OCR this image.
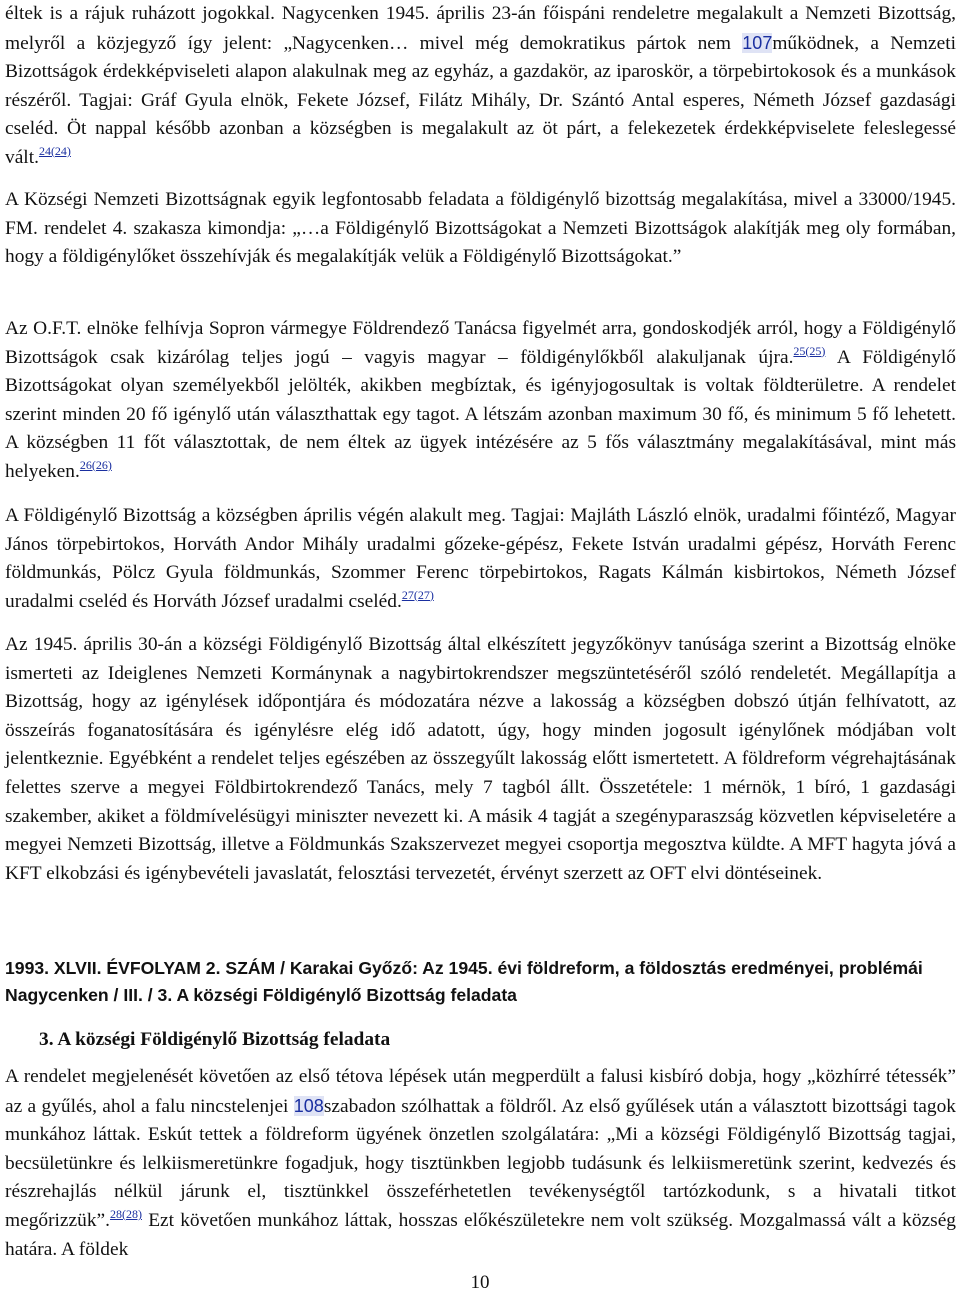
éltek is a rájuk ruházott jogokkal. Nagycenken 1945. április 23-án főispáni rendeletre megalakult a Nemzeti Bizottság, melyről a közjegyző így jelent: „Nagycenken… mivel még demokratikus pártok nem 107működnek, a Nemzeti Bizottságok érdekképviseleti alapon alakulnak meg az egyház, a gazdakör, az iparoskör, a törpebirtokosok és a munkások részéről. Tagjai: Gráf Gyula elnök, Fekete József, Filátz Mihály, Dr. Szántó Antal esperes, Németh József gazdasági cseléd. Öt nappal később azonban a községben is megalakult az öt párt, a felekezetek érdekképviselete feleslegessé vált.$^{24(24)}$

A Községi Nemzeti Bizottságnak egyik legfontosabb feladata a földigénylő bizottság megalakítása, mivel a 33000/1945. FM. rendelet 4. szakasza kimondja: „…a Földigénylő Bizottságokat a Nemzeti Bizottságok alakítják meg oly formában, hogy a földigénylőket összehívják és megalakítják velük a Földigénylő Bizottságokat.”

Az O.F.T. elnöke felhívja Sopron vármegye Földrendező Tanácsa figyelmét arra, gondoskodjék arról, hogy a Földigénylő Bizottságok csak kizárólag teljes jogú – vagyis magyar – földigénylőkből alakuljanak újra.$^{25(25)}$ A Földigénylő Bizottságokat olyan személyekből jelölték, akikben megbíztak, és igényjogosultak is voltak földterületre. A rendelet szerint minden 20 fő igénylő után választhattak egy tagot. A létszám azonban maximum 30 fő, és minimum 5 fő lehetett. A községben 11 főt választottak, de nem éltek az ügyek intézésére az 5 fős választmány megalakításával, mint más helyeken.$^{26(26)}$

A Földigénylő Bizottság a községben április végén alakult meg. Tagjai: Majláth László elnök, uradalmi főintéző, Magyar János törpebirtokos, Horváth Andor Mihály uradalmi gőzeke-gépész, Fekete István uradalmi gépész, Horváth Ferenc földmunkás, Pölcz Gyula földmunkás, Szommer Ferenc törpebirtokos, Ragats Kálmán kisbirtokos, Németh József uradalmi cseléd és Horváth József uradalmi cseléd.$^{27(27)}$

Az 1945. április 30-án a községi Földigénylő Bizottság által elkészített jegyzőkönyv tanúsága szerint a Bizottság elnöke ismerteti az Ideiglenes Nemzeti Kormánynak a nagybirtokrendszer megszüntetéséről szóló rendeletét. Megállapítja a Bizottság, hogy az igénylések időpontjára és módozatára nézve a lakosság a községben dobszó útján felhívatott, az összeírás foganatosítására és igénylésre elég idő adatott, úgy, hogy minden jogosult igénylőnek módjában volt jelentkeznie. Egyébként a rendelet teljes egészében az összegyűlt lakosság előtt ismertetett. A földreform végrehajtásának felettes szerve a megyei Földbirtokrendező Tanács, mely 7 tagból állt. Összetétele: 1 mérnök, 1 bíró, 1 gazdasági szakember, akiket a földmívelésügyi miniszter nevezett ki. A másik 4 tagját a szegényparaszság közvetlen képviseletére a megyei Nemzeti Bizottság, illetve a Földmunkás Szakszervezet megyei csoportja megosztva küldte. A MFT hagyta jóvá a KFT elkobzási és igénybevételi javaslatát, felosztási tervezetét, érvényt szerzett az OFT elvi döntéseinek.

1993. XLVII. ÉVFOLYAM 2. SZÁM / Karakai Győző: Az 1945. évi földreform, a földosztás eredményei, problémái Nagycenken / III. / 3. A községi Földigénylő Bizottság feladata
3. A községi Földigénylő Bizottság feladata

A rendelet megjelenését követően az első tétova lépések után megperdült a falusi kisbíró dobja, hogy „közhírré tétessék” az a gyűlés, ahol a falu nincstelenjei 108szabadon szólhattak a földről. Az első gyűlések után a választott bizottsági tagok munkához láttak. Eskút tettek a földreform ügyének önzetlen szolgálatára: „Mi a községi Földigénylő Bizottság tagjai, becsületünkre és lelkiismeretünkre fogadjuk, hogy tisztünkben legjobb tudásunk és lelkiismeretünk szerint, kedvezés és részrehajlás nélkül járunk el, tisztünkkel összeférhetetlen tevékenységtől tartózkodunk, s a hivatali titkot megőrizzük”.$^{28(28)}$ Ezt követően munkához láttak, hosszas előkészületekre nem volt szükség. Mozgalmassá vált a község határa. A földek

10
